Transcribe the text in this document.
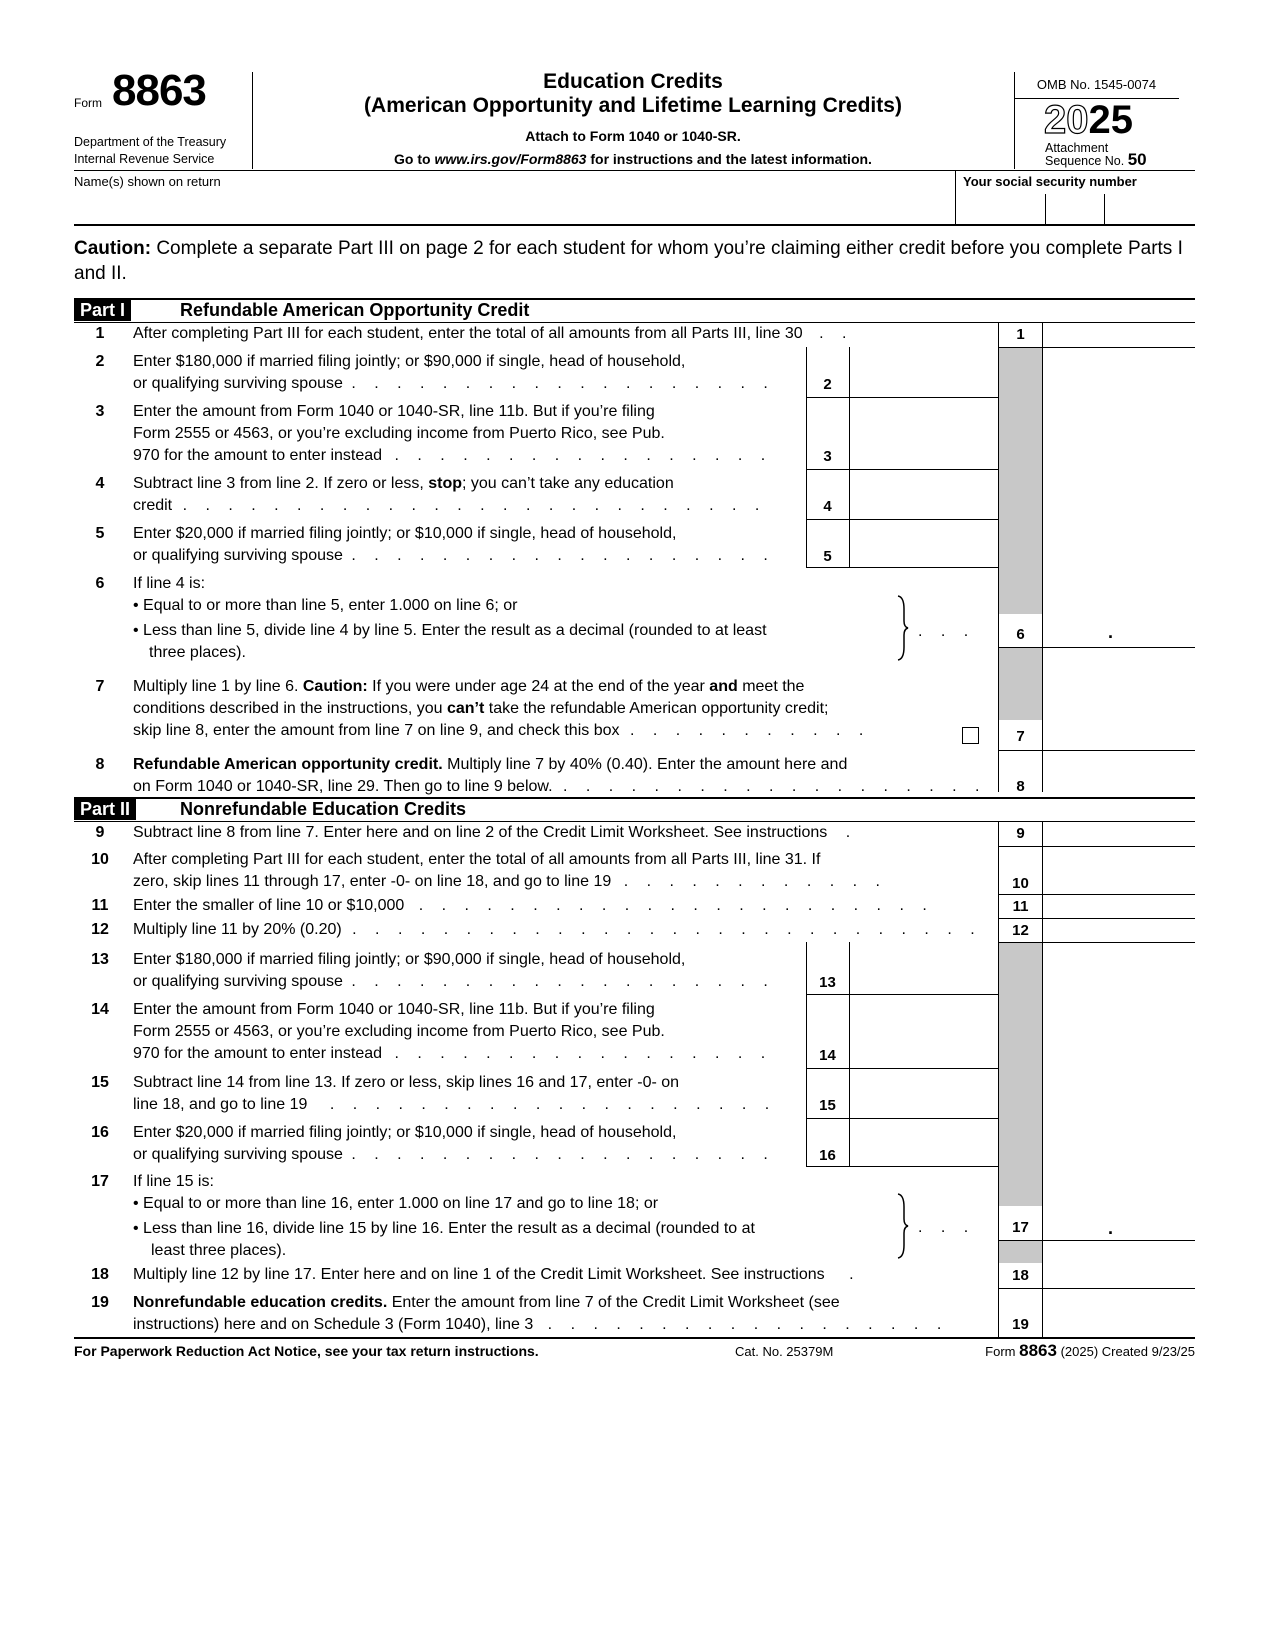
Form 8863
Department of the Treasury
Internal Revenue Service
Education Credits
(American Opportunity and Lifetime Learning Credits)
Attach to Form 1040 or 1040-SR.
Go to www.irs.gov/Form8863 for instructions and the latest information.
OMB No. 1545-0074
2025
Attachment
Sequence No. 50
Name(s) shown on return	Your social security number
Caution: Complete a separate Part III on page 2 for each student for whom you’re claiming either credit before you complete Parts I and II.
Part I	Refundable American Opportunity Credit
1	After completing Part III for each student, enter the total of all amounts from all Parts III, line 30 . .	1
2	Enter $180,000 if married filing jointly; or $90,000 if single, head of household,
or qualifying surviving spouse . . . . . . . . . . . . . . . . . . .	2
3	Enter the amount from Form 1040 or 1040-SR, line 11b. But if you’re filing
Form 2555 or 4563, or you’re excluding income from Puerto Rico, see Pub.
970 for the amount to enter instead . . . . . . . . . . . . . . . . .	3
4	Subtract line 3 from line 2. If zero or less, stop; you can’t take any education
credit . . . . . . . . . . . . . . . . . . . . . . . . . .	4
5	Enter $20,000 if married filing jointly; or $10,000 if single, head of household,
or qualifying surviving spouse . . . . . . . . . . . . . . . . . . .	5
6	If line 4 is:
• Equal to or more than line 5, enter 1.000 on line 6; or
• Less than line 5, divide line 4 by line 5. Enter the result as a decimal (rounded to at least
three places).
. . .	6	.
7	Multiply line 1 by line 6. Caution: If you were under age 24 at the end of the year and meet the
conditions described in the instructions, you can’t take the refundable American opportunity credit;
skip line 8, enter the amount from line 7 on line 9, and check this box . . . . . . . . . . .	7
8	Refundable American opportunity credit. Multiply line 7 by 40% (0.40). Enter the amount here and
on Form 1040 or 1040-SR, line 29. Then go to line 9 below. . . . . . . . . . . . . . . . . . . .	8
Part II	Nonrefundable Education Credits
9	Subtract line 8 from line 7. Enter here and on line 2 of the Credit Limit Worksheet. See instructions .	9
10	After completing Part III for each student, enter the total of all amounts from all Parts III, line 31. If
zero, skip lines 11 through 17, enter -0- on line 18, and go to line 19 . . . . . . . . . . . .	10
11	Enter the smaller of line 10 or $10,000 . . . . . . . . . . . . . . . . . . . . . . .	11
12	Multiply line 11 by 20% (0.20) . . . . . . . . . . . . . . . . . . . . . . . . . . . .	12
13	Enter $180,000 if married filing jointly; or $90,000 if single, head of household,
or qualifying surviving spouse . . . . . . . . . . . . . . . . . . .	13
14	Enter the amount from Form 1040 or 1040-SR, line 11b. But if you’re filing
Form 2555 or 4563, or you’re excluding income from Puerto Rico, see Pub.
970 for the amount to enter instead . . . . . . . . . . . . . . . . .	14
15	Subtract line 14 from line 13. If zero or less, skip lines 16 and 17, enter -0- on
line 18, and go to line 19 . . . . . . . . . . . . . . . . . . . .	15
16	Enter $20,000 if married filing jointly; or $10,000 if single, head of household,
or qualifying surviving spouse . . . . . . . . . . . . . . . . . . .	16
17	If line 15 is:
• Equal to or more than line 16, enter 1.000 on line 17 and go to line 18; or
• Less than line 16, divide line 15 by line 16. Enter the result as a decimal (rounded to at
least three places).
. . .	17	.
18	Multiply line 12 by line 17. Enter here and on line 1 of the Credit Limit Worksheet. See instructions .	18
19	Nonrefundable education credits. Enter the amount from line 7 of the Credit Limit Worksheet (see
instructions) here and on Schedule 3 (Form 1040), line 3 . . . . . . . . . . . . . . . . . .	19
For Paperwork Reduction Act Notice, see your tax return instructions.	Cat. No. 25379M	Form 8863 (2025) Created 9/23/25
